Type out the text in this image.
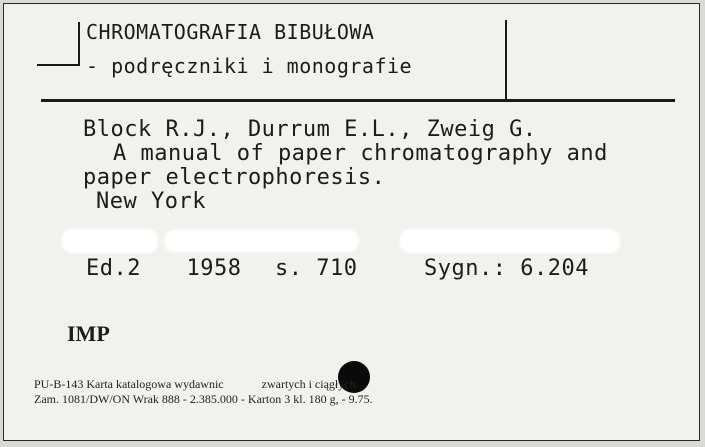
CHROMATOGRAFIA BIBUŁOWA
- podręczniki i monografie
Block R.J., Durrum E.L., Zweig G.
A manual of paper chromatography and
paper electrophoresis.
New York
Ed.2 1958 s. 710	Sygn.: 6.204
IMP
PU-B-143 Karta katalogowa wydawnic	zwartych i ciągłych.
Zam. 1081/DW/ON Wrak 888 - 2.385.000 - Karton 3 kl. 180 g, - 9.75.
